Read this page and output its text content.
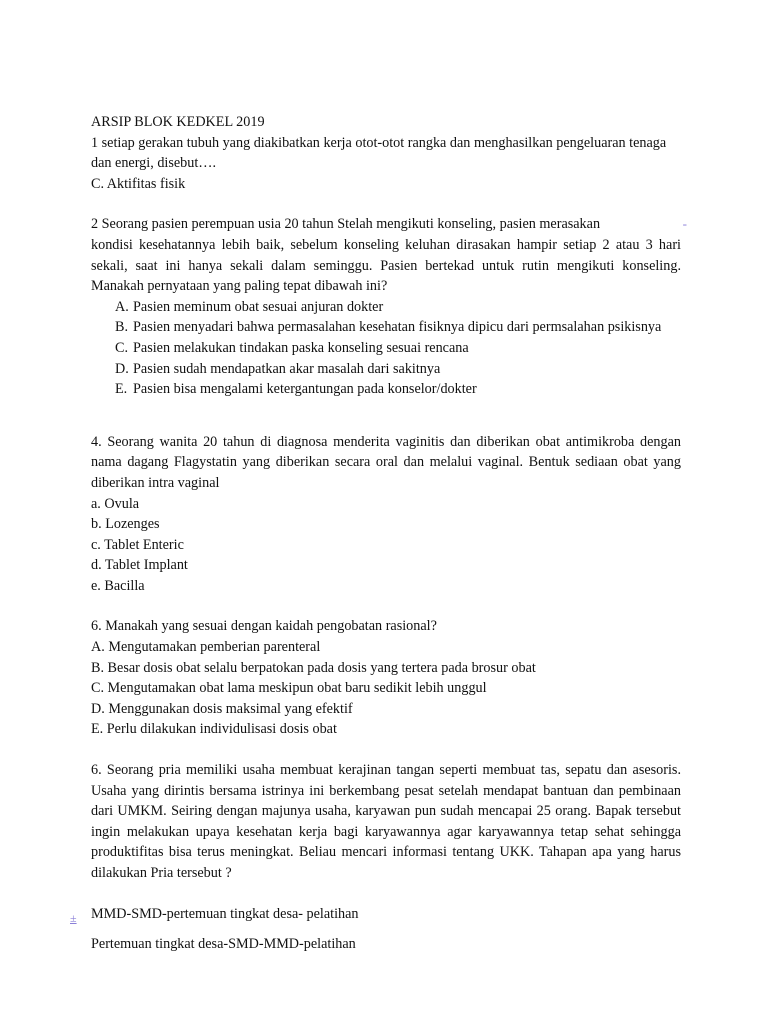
ARSIP BLOK KEDKEL 2019

1 setiap gerakan tubuh yang diakibatkan kerja otot-otot rangka dan menghasilkan pengeluaran tenaga dan energi, disebut….

C. Aktifitas fisik

2 Seorang pasien perempuan usia 20 tahun Stelah mengikuti konseling, pasien merasakan	-

kondisi kesehatannya lebih baik, sebelum konseling keluhan dirasakan hampir setiap 2 atau 3 hari sekali, saat ini hanya sekali dalam seminggu. Pasien bertekad untuk rutin mengikuti konseling. Manakah pernyataan yang paling tepat dibawah ini?

A. Pasien meminum obat sesuai anjuran dokter
B. Pasien menyadari bahwa permasalahan kesehatan fisiknya dipicu dari permsalahan psikisnya
C. Pasien melakukan tindakan paska konseling sesuai rencana
D. Pasien sudah mendapatkan akar masalah dari sakitnya
E. Pasien bisa mengalami ketergantungan pada konselor/dokter

4. Seorang wanita 20 tahun di diagnosa menderita vaginitis dan diberikan obat antimikroba dengan nama dagang Flagystatin yang diberikan secara oral dan melalui vaginal. Bentuk sediaan obat yang diberikan intra vaginal

a. Ovula

b. Lozenges

c. Tablet Enteric

d. Tablet Implant

e. Bacilla

6. Manakah yang sesuai dengan kaidah pengobatan rasional?

A. Mengutamakan pemberian parenteral

B. Besar dosis obat selalu berpatokan pada dosis yang tertera pada brosur obat

C. Mengutamakan obat lama meskipun obat baru sedikit lebih unggul

D. Menggunakan dosis maksimal yang efektif

E. Perlu dilakukan individulisasi dosis obat

6. Seorang pria memiliki usaha membuat kerajinan tangan seperti membuat tas, sepatu dan asesoris. Usaha yang dirintis bersama istrinya ini berkembang pesat setelah mendapat bantuan dan pembinaan dari UMKM. Seiring dengan majunya usaha, karyawan pun sudah mencapai 25 orang. Bapak tersebut ingin melakukan upaya kesehatan kerja bagi karyawannya agar karyawannya tetap sehat sehingga produktifitas bisa terus meningkat. Beliau mencari informasi tentang UKK. Tahapan apa yang harus dilakukan Pria tersebut ?

MMD-SMD-pertemuan tingkat desa- pelatihan

Pertemuan tingkat desa-SMD-MMD-pelatihan

±
